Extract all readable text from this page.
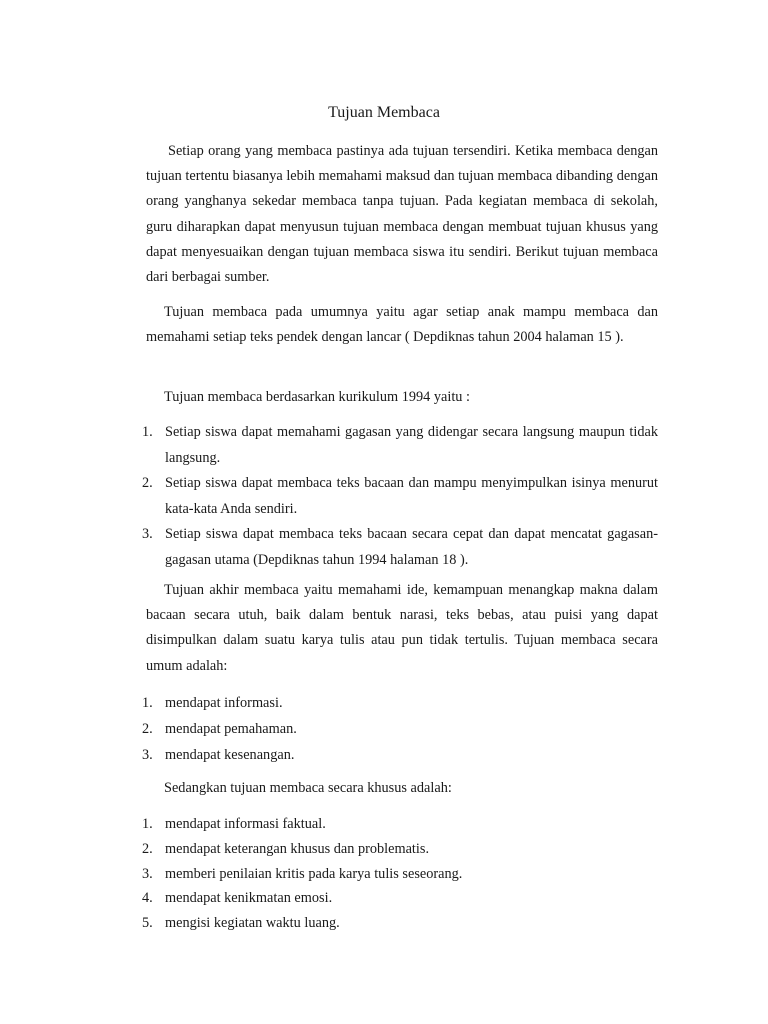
Tujuan Membaca

Setiap orang yang membaca pastinya ada tujuan tersendiri. Ketika membaca dengan tujuan tertentu biasanya lebih memahami maksud dan tujuan membaca dibanding dengan orang yanghanya sekedar membaca tanpa tujuan. Pada kegiatan membaca di sekolah, guru diharapkan dapat menyusun tujuan membaca dengan membuat tujuan khusus yang dapat menyesuaikan dengan tujuan membaca siswa itu sendiri. Berikut tujuan membaca dari berbagai sumber.

Tujuan membaca pada umumnya yaitu agar setiap anak mampu membaca dan memahami setiap teks pendek dengan lancar ( Depdiknas tahun 2004 halaman 15 ).

Tujuan membaca berdasarkan kurikulum 1994 yaitu :

1. Setiap siswa dapat memahami gagasan yang didengar secara langsung maupun tidak langsung.
2. Setiap siswa dapat membaca teks bacaan dan mampu menyimpulkan isinya menurut kata-kata Anda sendiri.
3. Setiap siswa dapat membaca teks bacaan secara cepat dan dapat mencatat gagasan-gagasan utama (Depdiknas tahun 1994 halaman 18 ).

Tujuan akhir membaca yaitu memahami ide, kemampuan menangkap makna dalam bacaan secara utuh, baik dalam bentuk narasi, teks bebas, atau puisi yang dapat disimpulkan dalam suatu karya tulis atau pun tidak tertulis. Tujuan membaca secara umum adalah:

1. mendapat informasi.
2. mendapat pemahaman.
3. mendapat kesenangan.

Sedangkan tujuan membaca secara khusus adalah:

1. mendapat informasi faktual.
2. mendapat keterangan khusus dan problematis.
3. memberi penilaian kritis pada karya tulis seseorang.
4. mendapat kenikmatan emosi.
5. mengisi kegiatan waktu luang.
